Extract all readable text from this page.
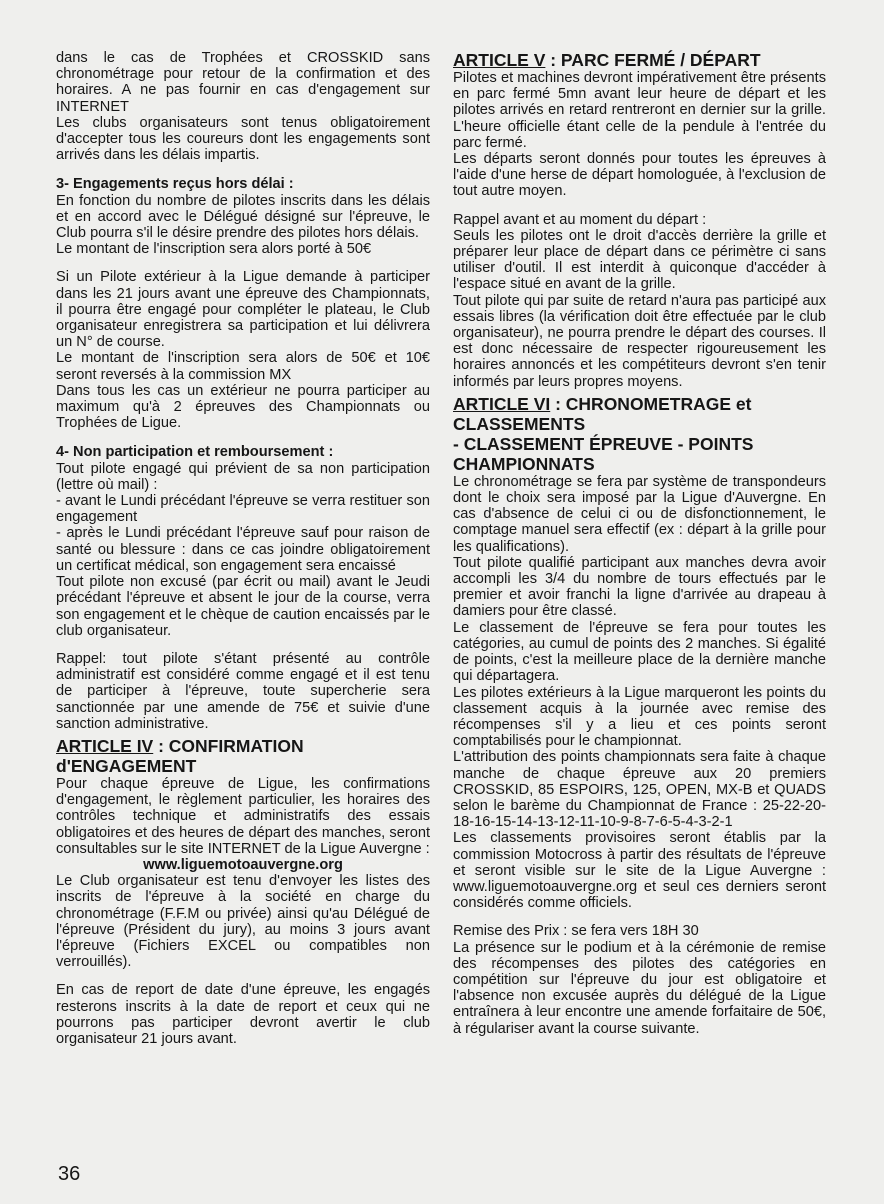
dans le cas de Trophées et CROSSKID sans chronométrage pour retour de la confirmation et des horaires. A ne pas fournir en cas d'engagement sur INTERNET

Les clubs organisateurs sont tenus obligatoirement d'accepter tous les coureurs dont les engagements sont arrivés dans les délais impartis.

3- Engagements reçus hors délai :

En fonction du nombre de pilotes inscrits dans les délais et en accord avec le Délégué désigné sur l'épreuve, le Club pourra s'il le désire prendre des pilotes hors délais.

Le montant de l'inscription sera alors porté à 50€

Si un Pilote extérieur à la Ligue demande à participer dans les 21 jours avant une épreuve des Championnats, il pourra être engagé pour compléter le plateau, le Club organisateur enregistrera sa participation et lui délivrera un N° de course.

Le montant de l'inscription sera alors de 50€ et 10€ seront reversés à la commission MX

Dans tous les cas un extérieur ne pourra participer au maximum qu'à 2 épreuves des Championnats ou Trophées de Ligue.

4- Non participation et remboursement :

Tout pilote engagé qui prévient de sa non participation (lettre où mail) :

- avant le Lundi précédant l'épreuve se verra restituer son engagement

- après le Lundi précédant l'épreuve sauf pour raison de santé ou blessure : dans ce cas joindre obligatoirement un certificat médical, son engagement sera encaissé

Tout pilote non excusé (par écrit ou mail) avant le Jeudi précédant l'épreuve et absent le jour de la course, verra son engagement et le chèque de caution encaissés par le club organisateur.

Rappel: tout pilote s'étant présenté au contrôle administratif est considéré comme engagé et il est tenu de participer à l'épreuve, toute supercherie sera sanctionnée par une amende de 75€ et suivie d'une sanction administrative.

ARTICLE IV : CONFIRMATION
d'ENGAGEMENT

Pour chaque épreuve de Ligue, les confirmations d'engagement, le règlement particulier, les horaires des contrôles technique et administratifs des essais obligatoires et des heures de départ des manches, seront consultables sur le site INTERNET de la Ligue Auvergne :

www.liguemotoauvergne.org

Le Club organisateur est tenu d'envoyer les listes des inscrits de l'épreuve à la société en charge du chronométrage (F.F.M ou privée) ainsi qu'au Délégué de l'épreuve (Président du jury), au moins 3 jours avant l'épreuve (Fichiers EXCEL ou compatibles non verrouillés).

En cas de report de date d'une épreuve, les engagés resterons inscrits à la date de report et ceux qui ne pourrons pas participer devront avertir le club organisateur 21 jours avant.

ARTICLE V : PARC FERMÉ / DÉPART

Pilotes et machines devront impérativement être présents en parc fermé 5mn avant leur heure de départ et les pilotes arrivés en retard rentreront en dernier sur la grille. L'heure officielle étant celle de la pendule à l'entrée du parc fermé.

Les départs seront donnés pour toutes les épreuves à l'aide d'une herse de départ homologuée, à l'exclusion de tout autre moyen.

Rappel avant et au moment du départ :

Seuls les pilotes ont le droit d'accès derrière la grille et préparer leur place de départ dans ce périmètre ci sans utiliser d'outil. Il est interdit à quiconque d'accéder à l'espace situé en avant de la grille.

Tout pilote qui par suite de retard n'aura pas participé aux essais libres (la vérification doit être effectuée par le club organisateur), ne pourra prendre le départ des courses. Il est donc nécessaire de respecter rigoureusement les horaires annoncés et les compétiteurs devront s'en tenir informés par leurs propres moyens.

ARTICLE VI : CHRONOMETRAGE et CLASSEMENTS
- CLASSEMENT ÉPREUVE - POINTS CHAMPIONNATS

Le chronométrage se fera par système de transpondeurs dont le choix sera imposé par la Ligue d'Auvergne. En cas d'absence de celui ci ou de disfonctionnement, le comptage manuel sera effectif (ex : départ à la grille pour les qualifications).

Tout pilote qualifié participant aux manches devra avoir accompli les 3/4 du nombre de tours effectués par le premier et avoir franchi la ligne d'arrivée au drapeau à damiers pour être classé.

Le classement de l'épreuve se fera pour toutes les catégories, au cumul de points des 2 manches. Si égalité de points, c'est la meilleure place de la dernière manche qui départagera.

Les pilotes extérieurs à la Ligue marqueront les points du classement acquis à la journée avec remise des récompenses s'il y a lieu et ces points seront comptabilisés pour le championnat.

L'attribution des points championnats sera faite à chaque manche de chaque épreuve aux 20 premiers CROSSKID, 85 ESPOIRS, 125, OPEN, MX-B et QUADS selon le barème du Championnat de France : 25-22-20-18-16-15-14-13-12-11-10-9-8-7-6-5-4-3-2-1

Les classements provisoires seront établis par la commission Motocross à partir des résultats de l'épreuve et seront visible sur le site de la Ligue Auvergne : www.liguemotoauvergne.org et seul ces derniers seront considérés comme officiels.

Remise des Prix : se fera vers 18H 30

La présence sur le podium et à la cérémonie de remise des récompenses des pilotes des catégories en compétition sur l'épreuve du jour est obligatoire et l'absence non excusée auprès du délégué de la Ligue entraînera à leur encontre une amende forfaitaire de 50€, à régulariser avant la course suivante.

36
